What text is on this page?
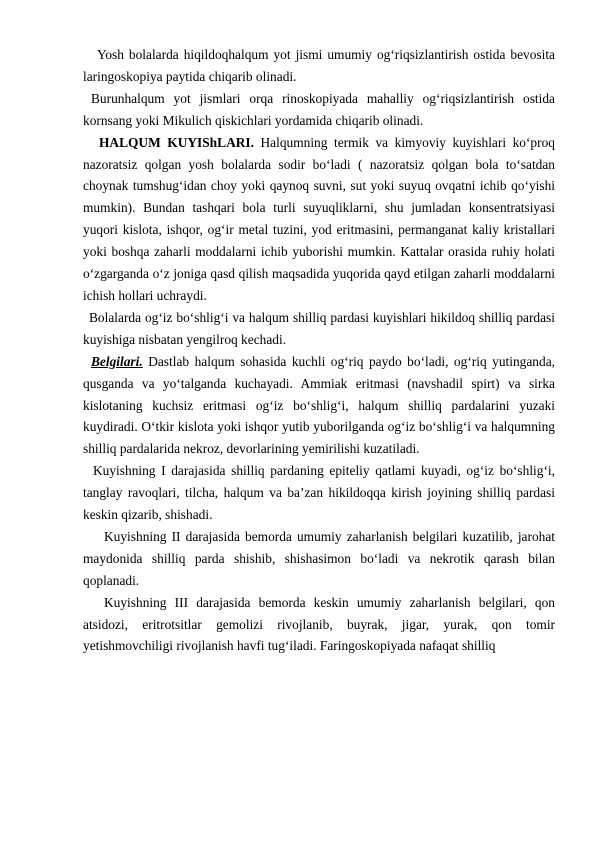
Yosh bolalarda hiqildoqhalqum yot jismi umumiy og‘riqsizlantirish ostida bevosita laringoskopiya paytida chiqarib olinadi.

Burunhalqum yot jismlari orqa rinoskopiyada mahalliy og‘riqsizlantirish ostida kornsang yoki Mikulich qiskichlari yordamida chiqarib olinadi.

HALQUM KUYIShLARI. Halqumning termik va kimyoviy kuyishlari ko‘proq nazoratsiz qolgan yosh bolalarda sodir bo‘ladi ( nazoratsiz qolgan bola to‘satdan choynak tumshug‘idan choy yoki qaynoq suvni, sut yoki suyuq ovqatni ichib qo‘yishi mumkin). Bundan tashqari bola turli suyuqliklarni, shu jumladan konsentratsiyasi yuqori kislota, ishqor, og‘ir metal tuzini, yod eritmasini, permanganat kaliy kristallari yoki boshqa zaharli moddalarni ichib yuborishi mumkin. Kattalar orasida ruhiy holati o‘zgarganda o‘z joniga qasd qilish maqsadida yuqorida qayd etilgan zaharli moddalarni ichish hollari uchraydi.

Bolalarda og‘iz bo‘shlig‘i va halqum shilliq pardasi kuyishlari hikildoq shilliq pardasi kuyishiga nisbatan yengilroq kechadi.

Belgilari. Dastlab halqum sohasida kuchli og‘riq paydo bo‘ladi, og‘riq yutinganda, qusganda va yo‘talganda kuchayadi. Ammiak eritmasi (navshadil spirt) va sirka kislotaning kuchsiz eritmasi og‘iz bo‘shlig‘i, halqum shilliq pardalarini yuzaki kuydiradi. O‘tkir kislota yoki ishqor yutib yuborilganda og‘iz bo‘shlig‘i va halqumning shilliq pardalarida nekroz, devorlarining yemirilishi kuzatiladi.

Kuyishning I darajasida shilliq pardaning epiteliy qatlami kuyadi, og‘iz bo‘shlig‘i, tanglay ravoqlari, tilcha, halqum va ba’zan hikildoqqa kirish joyining shilliq pardasi keskin qizarib, shishadi.

Kuyishning II darajasida bemorda umumiy zaharlanish belgilari kuzatilib, jarohat maydonida shilliq parda shishib, shishasimon bo‘ladi va nekrotik qarash bilan qoplanadi.

Kuyishning III darajasida bemorda keskin umumiy zaharlanish belgilari, qon atsidozi, eritrotsitlar gemolizi rivojlanib, buyrak, jigar, yurak, qon tomir yetishmovchiligi rivojlanish havfi tug‘iladi. Faringoskopiyada nafaqat shilliq
